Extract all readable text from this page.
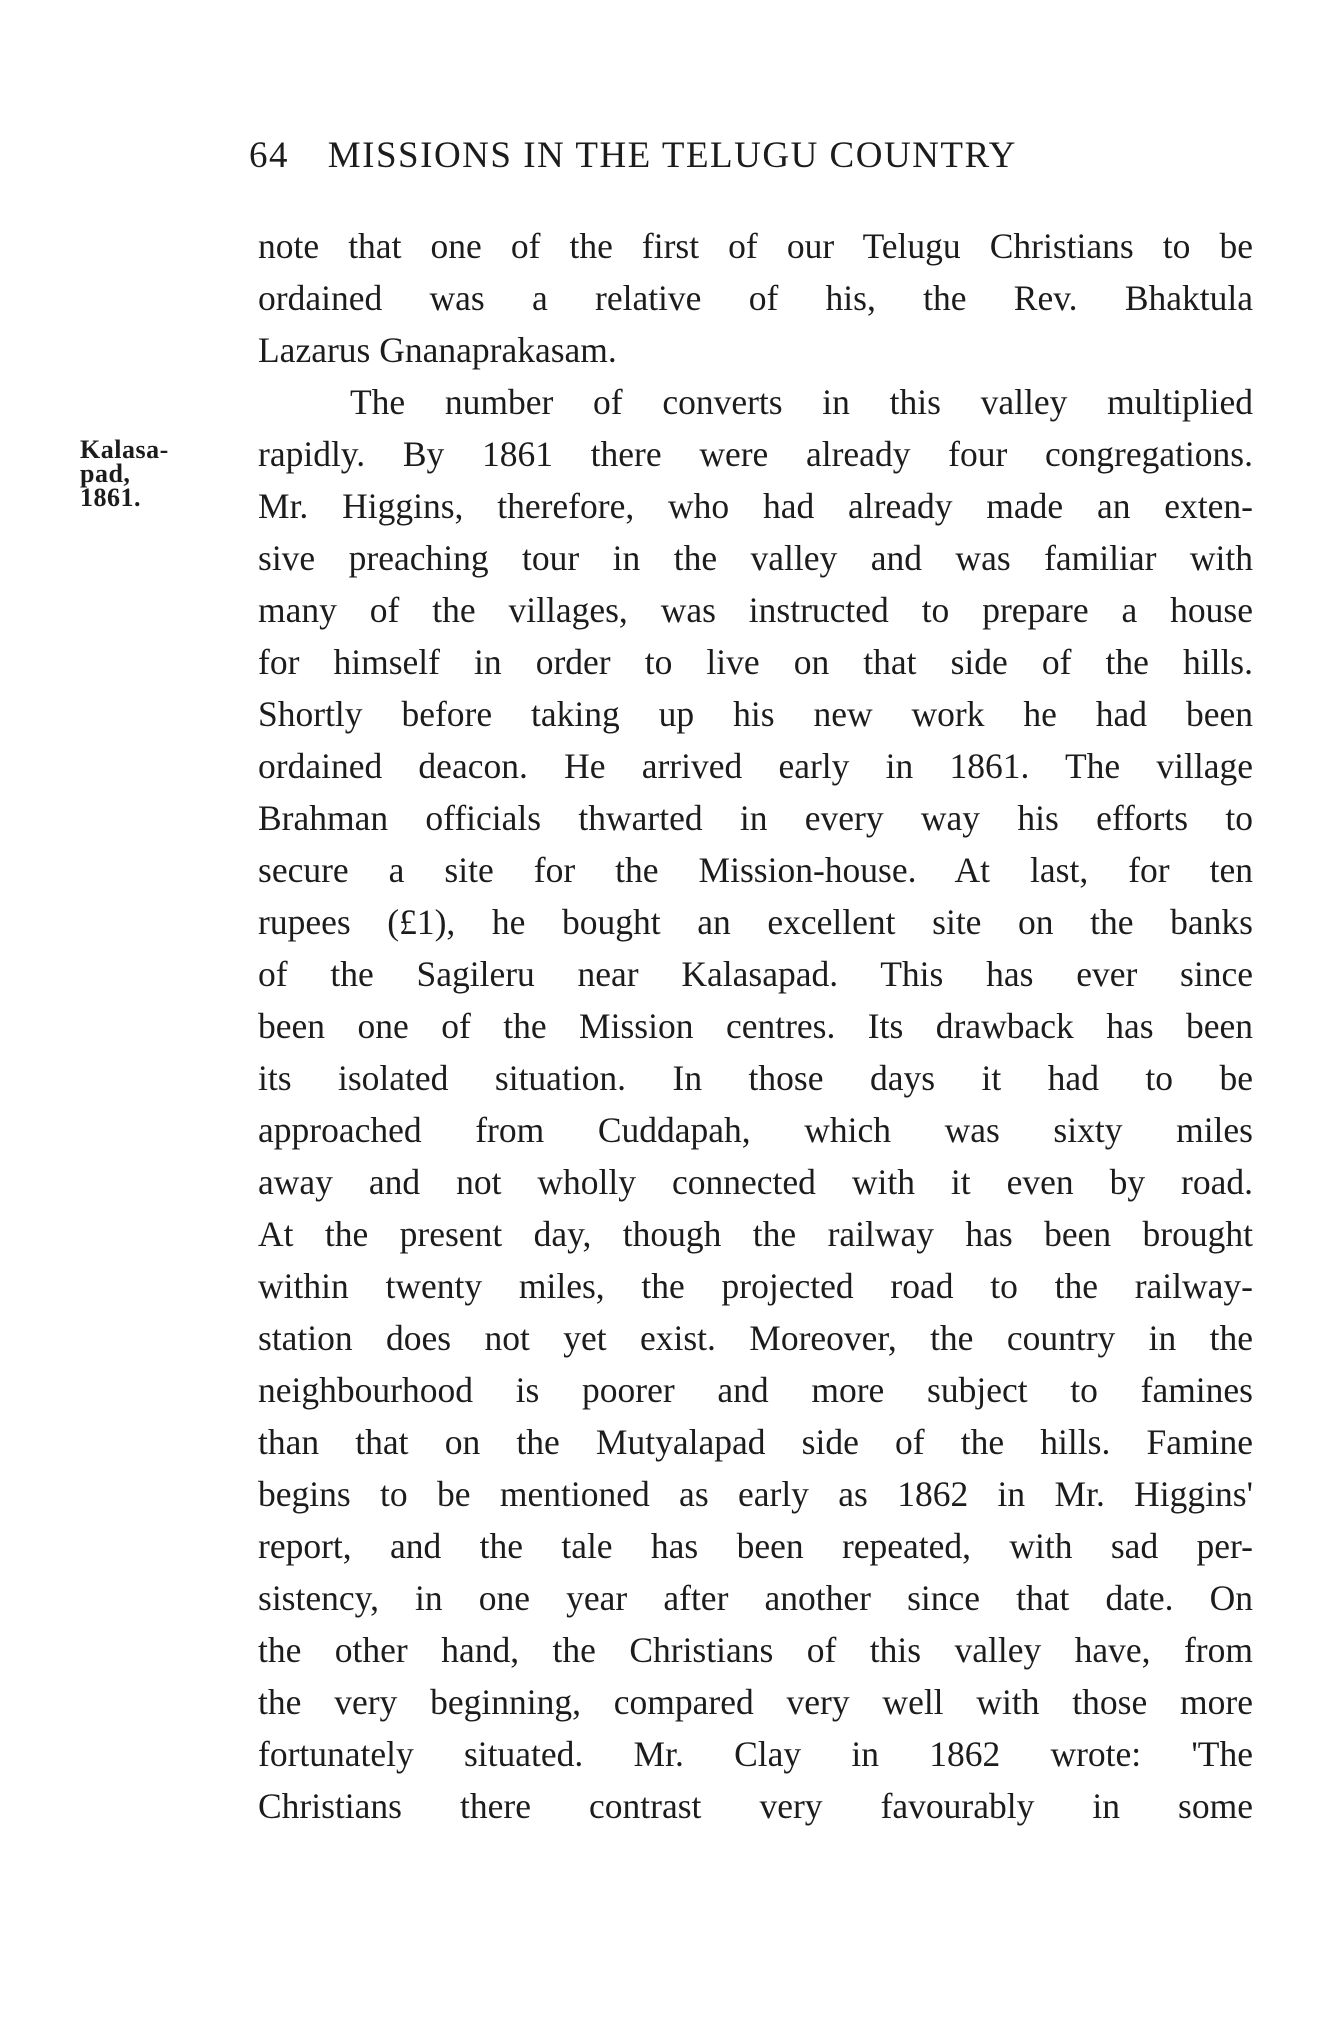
64 MISSIONS IN THE TELUGU COUNTRY
Kalasa-
pad,
1861.
note that one of the first of our Telugu Christians to be
ordained was a relative of his, the Rev. Bhaktula
Lazarus Gnanaprakasam.
The number of converts in this valley multiplied
rapidly. By 1861 there were already four congregations.
Mr. Higgins, therefore, who had already made an exten-
sive preaching tour in the valley and was familiar with
many of the villages, was instructed to prepare a house
for himself in order to live on that side of the hills.
Shortly before taking up his new work he had been
ordained deacon. He arrived early in 1861. The village
Brahman officials thwarted in every way his efforts to
secure a site for the Mission-house. At last, for ten
rupees (£1), he bought an excellent site on the banks
of the Sagileru near Kalasapad. This has ever since
been one of the Mission centres. Its drawback has been
its isolated situation. In those days it had to be
approached from Cuddapah, which was sixty miles
away and not wholly connected with it even by road.
At the present day, though the railway has been brought
within twenty miles, the projected road to the railway-
station does not yet exist. Moreover, the country in the
neighbourhood is poorer and more subject to famines
than that on the Mutyalapad side of the hills. Famine
begins to be mentioned as early as 1862 in Mr. Higgins'
report, and the tale has been repeated, with sad per-
sistency, in one year after another since that date. On
the other hand, the Christians of this valley have, from
the very beginning, compared very well with those more
fortunately situated. Mr. Clay in 1862 wrote: 'The
Christians there contrast very favourably in some
